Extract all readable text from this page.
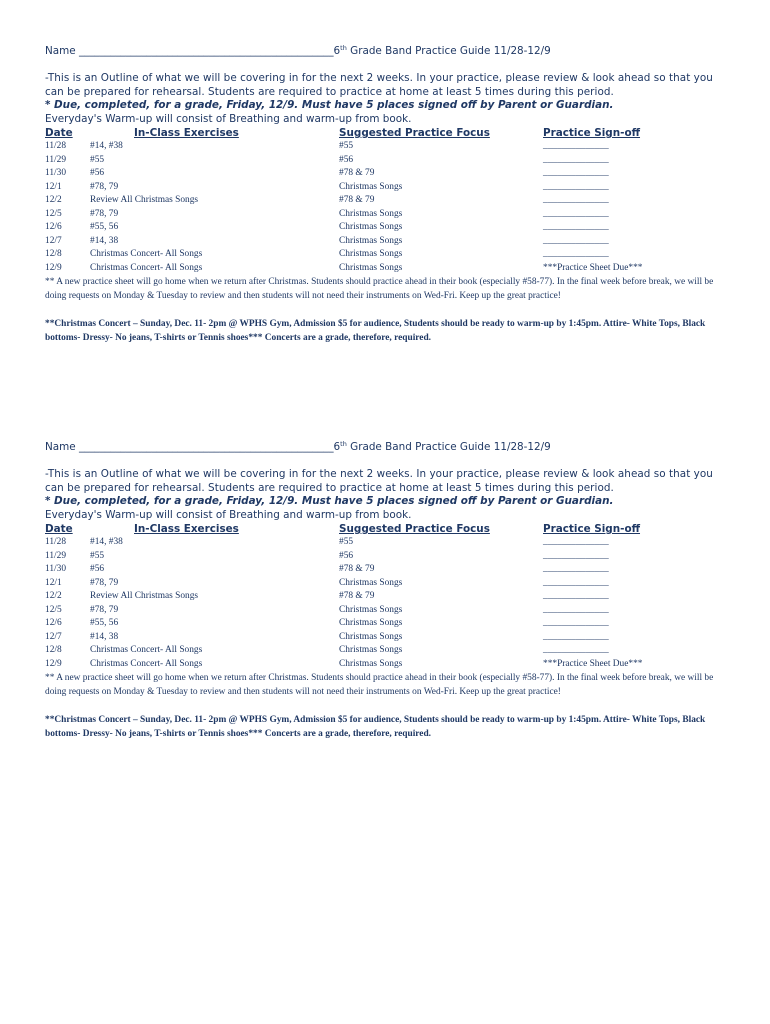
Name _________________________________________________6th Grade Band Practice Guide 11/28-12/9
-This is an Outline of what we will be covering in for the next 2 weeks. In your practice, please review & look ahead so that you can be prepared for rehearsal. Students are required to practice at home at least 5 times during this period.
* Due, completed, for a grade, Friday, 12/9. Must have 5 places signed off by Parent or Guardian.
Everyday's Warm-up will consist of Breathing and warm-up from book.
Date	In-Class Exercises	Suggested Practice Focus	Practice Sign-off
11/28	#14, #38	#55	______________
11/29	#55	#56	______________
11/30	#56	#78 & 79	______________
12/1	#78, 79	Christmas Songs	______________
12/2	Review All Christmas Songs	#78 & 79	______________
12/5	#78, 79	Christmas Songs	______________
12/6	#55, 56	Christmas Songs	______________
12/7	#14, 38	Christmas Songs	______________
12/8	Christmas Concert- All Songs	Christmas Songs	______________
12/9	Christmas Concert- All Songs	Christmas Songs	***Practice Sheet Due***
** A new practice sheet will go home when we return after Christmas. Students should practice ahead in their book (especially #58-77). In the final week before break, we will be doing requests on Monday & Tuesday to review and then students will not need their instruments on Wed-Fri. Keep up the great practice!
**Christmas Concert – Sunday, Dec. 11- 2pm @ WPHS Gym, Admission $5 for audience, Students should be ready to warm-up by 1:45pm. Attire- White Tops, Black bottoms- Dressy- No jeans, T-shirts or Tennis shoes*** Concerts are a grade, therefore, required.
Name _________________________________________________6th Grade Band Practice Guide 11/28-12/9
-This is an Outline of what we will be covering in for the next 2 weeks. In your practice, please review & look ahead so that you can be prepared for rehearsal. Students are required to practice at home at least 5 times during this period.
* Due, completed, for a grade, Friday, 12/9. Must have 5 places signed off by Parent or Guardian.
Everyday's Warm-up will consist of Breathing and warm-up from book.
Date	In-Class Exercises	Suggested Practice Focus	Practice Sign-off
11/28	#14, #38	#55	______________
11/29	#55	#56	______________
11/30	#56	#78 & 79	______________
12/1	#78, 79	Christmas Songs	______________
12/2	Review All Christmas Songs	#78 & 79	______________
12/5	#78, 79	Christmas Songs	______________
12/6	#55, 56	Christmas Songs	______________
12/7	#14, 38	Christmas Songs	______________
12/8	Christmas Concert- All Songs	Christmas Songs	______________
12/9	Christmas Concert- All Songs	Christmas Songs	***Practice Sheet Due***
** A new practice sheet will go home when we return after Christmas. Students should practice ahead in their book (especially #58-77). In the final week before break, we will be doing requests on Monday & Tuesday to review and then students will not need their instruments on Wed-Fri. Keep up the great practice!
**Christmas Concert – Sunday, Dec. 11- 2pm @ WPHS Gym, Admission $5 for audience, Students should be ready to warm-up by 1:45pm. Attire- White Tops, Black bottoms- Dressy- No jeans, T-shirts or Tennis shoes*** Concerts are a grade, therefore, required.
